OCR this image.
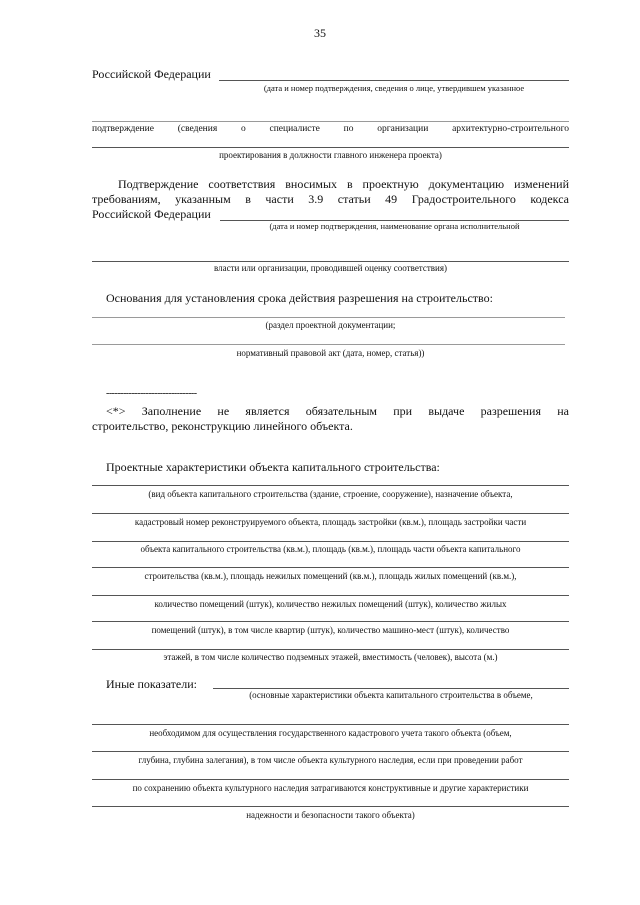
35
Российской Федерации
(дата и номер подтверждения, сведения о лице, утвердившем указанное
подтверждение	(сведения	о	специалисте	по	организации	архитектурно-строительного
проектирования в должности главного инженера проекта)
Подтверждение соответствия вносимых в проектную документацию изменений
требованиям, указанным в части 3.9 статьи 49 Градостроительного кодекса
Российской Федерации
(дата и номер подтверждения, наименование органа исполнительной
власти или организации, проводившей оценку соответствия)
Основания для установления срока действия разрешения на строительство:
(раздел проектной документации;
нормативный правовой акт (дата, номер, статья))
--------------------------------
<*> Заполнение не является обязательным при выдаче разрешения на
строительство, реконструкцию линейного объекта.
Проектные характеристики объекта капитального строительства:
(вид объекта капитального строительства (здание, строение, сооружение), назначение объекта,
кадастровый номер реконструируемого объекта, площадь застройки (кв.м.), площадь застройки части
объекта капитального строительства (кв.м.), площадь (кв.м.), площадь части объекта капитального
строительства (кв.м.), площадь нежилых помещений (кв.м.), площадь жилых помещений (кв.м.),
количество помещений (штук), количество нежилых помещений (штук), количество жилых
помещений (штук), в том числе квартир (штук), количество машино-мест (штук), количество
этажей, в том числе количество подземных этажей, вместимость (человек), высота (м.)
Иные показатели:
(основные характеристики объекта капитального строительства в объеме,
необходимом для осуществления государственного кадастрового учета такого объекта (объем,
глубина, глубина залегания), в том числе объекта культурного наследия, если при проведении работ
по сохранению объекта культурного наследия затрагиваются конструктивные и другие характеристики
надежности и безопасности такого объекта)
